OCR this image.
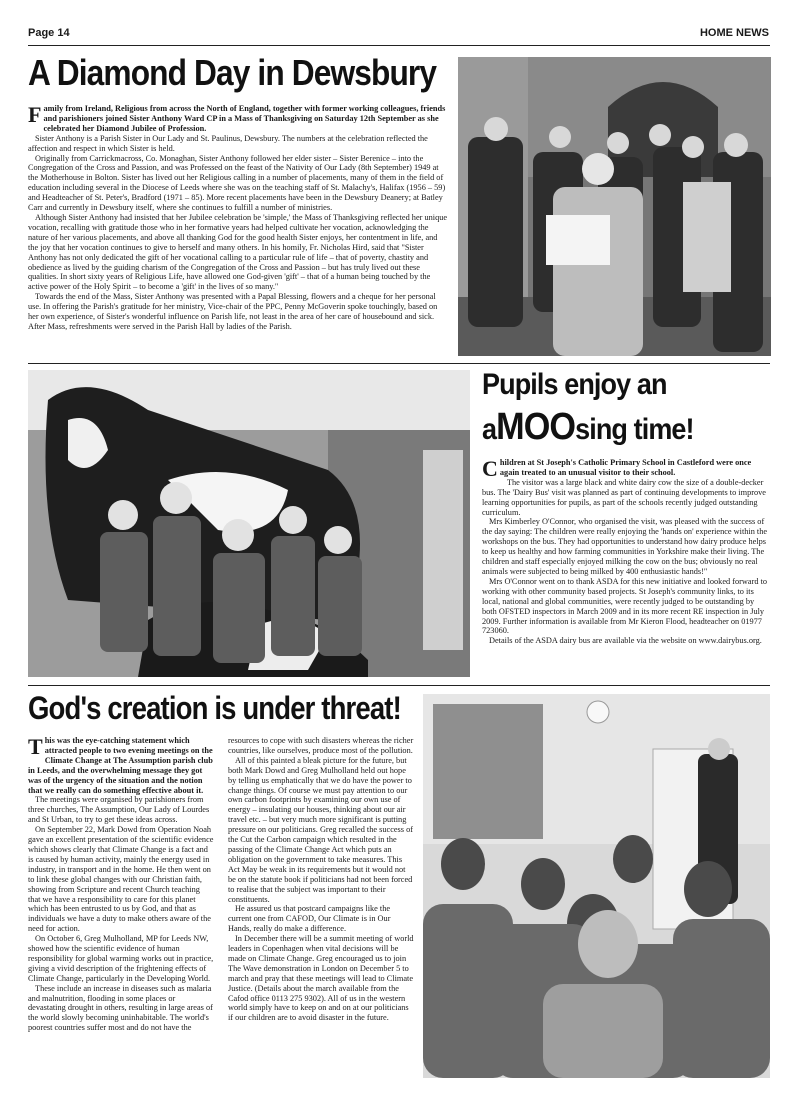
Page 14	HOME NEWS
A Diamond Day in Dewsbury

Family from Ireland, Religious from across the North of England, together with former working colleagues, friends and parishioners joined Sister Anthony Ward CP in a Mass of Thanksgiving on Saturday 12th September as she celebrated her Diamond Jubilee of Profession.

Sister Anthony is a Parish Sister in Our Lady and St. Paulinus, Dewsbury. The numbers at the celebration reflected the affection and respect in which Sister is held.

Originally from Carrickmacross, Co. Monaghan, Sister Anthony followed her elder sister – Sister Berenice – into the Congregation of the Cross and Passion, and was Professed on the feast of the Nativity of Our Lady (8th September) 1949 at the Motherhouse in Bolton. Sister has lived out her Religious calling in a number of placements, many of them in the field of education including several in the Diocese of Leeds where she was on the teaching staff of St. Malachy's, Halifax (1956 – 59) and Headteacher of St. Peter's, Bradford (1971 – 85). More recent placements have been in the Dewsbury Deanery; at Batley Carr and currently in Dewsbury itself, where she continues to fulfill a number of ministries.

Although Sister Anthony had insisted that her Jubilee celebration be 'simple,' the Mass of Thanksgiving reflected her unique vocation, recalling with gratitude those who in her formative years had helped cultivate her vocation, acknowledging the nature of her various placements, and above all thanking God for the good health Sister enjoys, her contentment in life, and the joy that her vocation continues to give to herself and many others. In his homily, Fr. Nicholas Hird, said that "Sister Anthony has not only dedicated the gift of her vocational calling to a particular rule of life – that of poverty, chastity and obedience as lived by the guiding charism of the Congregation of the Cross and Passion – but has truly lived out these qualities. In short sixty years of Religious Life, have allowed one God-given 'gift' – that of a human being touched by the active power of the Holy Spirit – to become a 'gift' in the lives of so many."

Towards the end of the Mass, Sister Anthony was presented with a Papal Blessing, flowers and a cheque for her personal use. In offering the Parish's gratitude for her ministry, Vice-chair of the PPC, Penny McGoverin spoke touchingly, based on her own experience, of Sister's wonderful influence on Parish life, not least in the area of her care of housebound and sick. After Mass, refreshments were served in the Parish Hall by ladies of the Parish.

Pupils enjoy an
aMOOsing time!

Children at St Joseph's Catholic Primary School in Castleford were once again treated to an unusual visitor to their school.

The visitor was a large black and white dairy cow the size of a double-decker bus. The 'Dairy Bus' visit was planned as part of continuing developments to improve learning opportunities for pupils, as part of the schools recently judged outstanding curriculum.

Mrs Kimberley O'Connor, who organised the visit, was pleased with the success of the day saying: The children were really enjoying the 'hands on' experience within the workshops on the bus. They had opportunities to understand how dairy produce helps to keep us healthy and how farming communities in Yorkshire make their living. The children and staff especially enjoyed milking the cow on the bus; obviously no real animals were subjected to being milked by 400 enthusiastic hands!"

Mrs O'Connor went on to thank ASDA for this new initiative and looked forward to working with other community based projects. St Joseph's community links, to its local, national and global communities, were recently judged to be outstanding by both OFSTED inspectors in March 2009 and in its more recent RE inspection in July 2009. Further information is available from Mr Kieron Flood, headteacher on 01977 723060.

Details of the ASDA dairy bus are available via the website on www.dairybus.org.

God's creation is under threat!

This was the eye-catching statement which attracted people to two evening meetings on the Climate Change at The Assumption parish club in Leeds, and the overwhelming message they got was of the urgency of the situation and the notion that we really can do something effective about it.

The meetings were organised by parishioners from three churches, The Assumption, Our Lady of Lourdes and St Urban, to try to get these ideas across.

On September 22, Mark Dowd from Operation Noah gave an excellent presentation of the scientific evidence which shows clearly that Climate Change is a fact and is caused by human activity, mainly the energy used in industry, in transport and in the home. He then went on to link these global changes with our Christian faith, showing from Scripture and recent Church teaching that we have a responsibility to care for this planet which has been entrusted to us by God, and that as individuals we have a duty to make others aware of the need for action.

On October 6, Greg Mulholland, MP for Leeds NW, showed how the scientific evidence of human responsibility for global warming works out in practice, giving a vivid description of the frightening effects of Climate Change, particularly in the Developing World.

These include an increase in diseases such as malaria and malnutrition, flooding in some places or devastating drought in others, resulting in large areas of the world slowly becoming uninhabitable. The world's poorest countries suffer most and do not have the resources to cope with such disasters whereas the richer countries, like ourselves, produce most of the pollution.

All of this painted a bleak picture for the future, but both Mark Dowd and Greg Mulholland held out hope by telling us emphatically that we do have the power to change things. Of course we must pay attention to our own carbon footprints by examining our own use of energy – insulating our houses, thinking about our air travel etc. – but very much more significant is putting pressure on our politicians. Greg recalled the success of the Cut the Carbon campaign which resulted in the passing of the Climate Change Act which puts an obligation on the government to take measures. This Act May be weak in its requirements but it would not be on the statute book if politicians had not been forced to realise that the subject was important to their constituents.

He assured us that postcard campaigns like the current one from CAFOD, Our Climate is in Our Hands, really do make a difference.

In December there will be a summit meeting of world leaders in Copenhagen when vital decisions will be made on Climate Change. Greg encouraged us to join The Wave demonstration in London on December 5 to march and pray that these meetings will lead to Climate Justice. (Details about the march available from the Cafod office 0113 275 9302). All of us in the western world simply have to keep on and on at our politicians if our children are to avoid disaster in the future.
